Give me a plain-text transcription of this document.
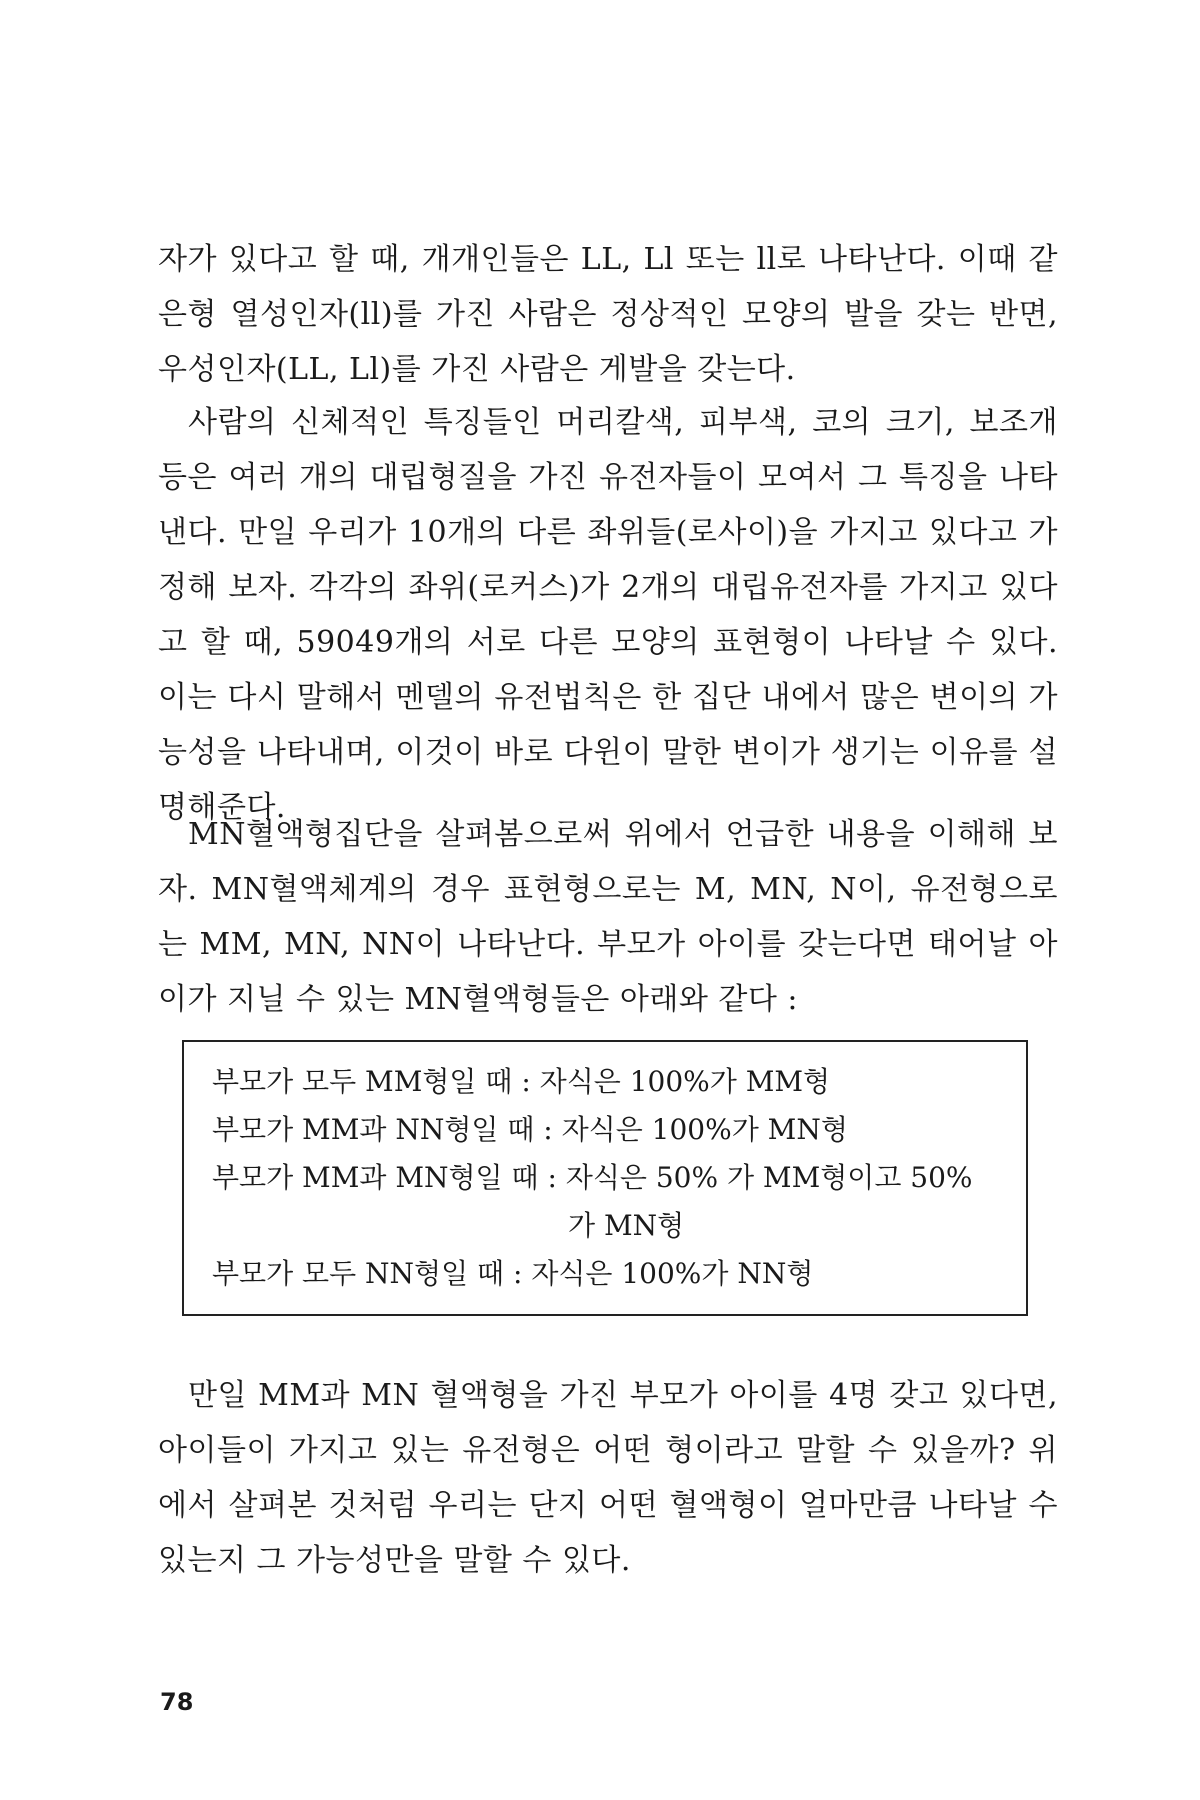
자가 있다고 할 때, 개개인들은 LL, Ll 또는 ll로 나타난다. 이때 같은형 열성인자(ll)를 가진 사람은 정상적인 모양의 발을 갖는 반면, 우성인자(LL, Ll)를 가진 사람은 게발을 갖는다.

사람의 신체적인 특징들인 머리칼색, 피부색, 코의 크기, 보조개 등은 여러 개의 대립형질을 가진 유전자들이 모여서 그 특징을 나타낸다. 만일 우리가 10개의 다른 좌위들(로사이)을 가지고 있다고 가정해 보자. 각각의 좌위(로커스)가 2개의 대립유전자를 가지고 있다고 할 때, 59049개의 서로 다른 모양의 표현형이 나타날 수 있다. 이는 다시 말해서 멘델의 유전법칙은 한 집단 내에서 많은 변이의 가능성을 나타내며, 이것이 바로 다윈이 말한 변이가 생기는 이유를 설명해준다.

MN혈액형집단을 살펴봄으로써 위에서 언급한 내용을 이해해 보자. MN혈액체계의 경우 표현형으로는 M, MN, N이, 유전형으로는 MM, MN, NN이 나타난다. 부모가 아이를 갖는다면 태어날 아이가 지닐 수 있는 MN혈액형들은 아래와 같다 :

부모가 모두 MM형일 때 : 자식은 100%가 MM형

부모가 MM과 NN형일 때 : 자식은 100%가 MN형

부모가 MM과 MN형일 때 : 자식은 50% 가 MM형이고 50%

가 MN형

부모가 모두 NN형일 때 : 자식은 100%가 NN형

만일 MM과 MN 혈액형을 가진 부모가 아이를 4명 갖고 있다면, 아이들이 가지고 있는 유전형은 어떤 형이라고 말할 수 있을까? 위에서 살펴본 것처럼 우리는 단지 어떤 혈액형이 얼마만큼 나타날 수 있는지 그 가능성만을 말할 수 있다.

78
